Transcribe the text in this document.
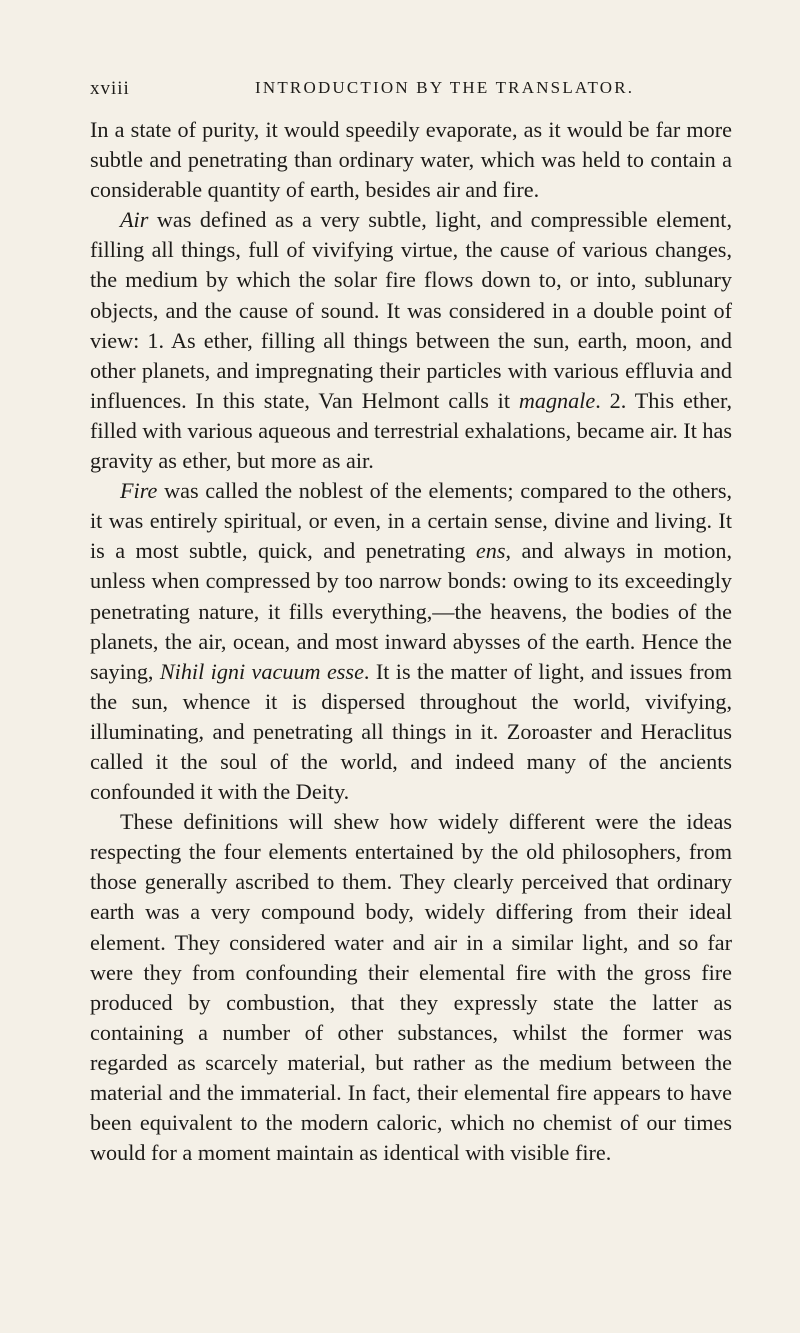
xviii	INTRODUCTION BY THE TRANSLATOR.

In a state of purity, it would speedily evaporate, as it would be far more subtle and penetrating than ordinary water, which was held to contain a considerable quantity of earth, besides air and fire.

Air was defined as a very subtle, light, and compressible element, filling all things, full of vivifying virtue, the cause of various changes, the medium by which the solar fire flows down to, or into, sublunary objects, and the cause of sound. It was considered in a double point of view: 1. As ether, filling all things between the sun, earth, moon, and other planets, and impregnating their particles with various effluvia and influences. In this state, Van Helmont calls it magnale. 2. This ether, filled with various aqueous and terrestrial exhalations, became air. It has gravity as ether, but more as air.

Fire was called the noblest of the elements; compared to the others, it was entirely spiritual, or even, in a certain sense, divine and living. It is a most subtle, quick, and penetrating ens, and always in motion, unless when compressed by too narrow bonds: owing to its exceedingly penetrating nature, it fills everything,—the heavens, the bodies of the planets, the air, ocean, and most inward abysses of the earth. Hence the saying, Nihil igni vacuum esse. It is the matter of light, and issues from the sun, whence it is dispersed throughout the world, vivifying, illuminating, and penetrating all things in it. Zoroaster and Heraclitus called it the soul of the world, and indeed many of the ancients confounded it with the Deity.

These definitions will shew how widely different were the ideas respecting the four elements entertained by the old philosophers, from those generally ascribed to them. They clearly perceived that ordinary earth was a very compound body, widely differing from their ideal element. They considered water and air in a similar light, and so far were they from confounding their elemental fire with the gross fire produced by combustion, that they expressly state the latter as containing a number of other substances, whilst the former was regarded as scarcely material, but rather as the medium between the material and the immaterial. In fact, their elemental fire appears to have been equivalent to the modern caloric, which no chemist of our times would for a moment maintain as identical with visible fire.
